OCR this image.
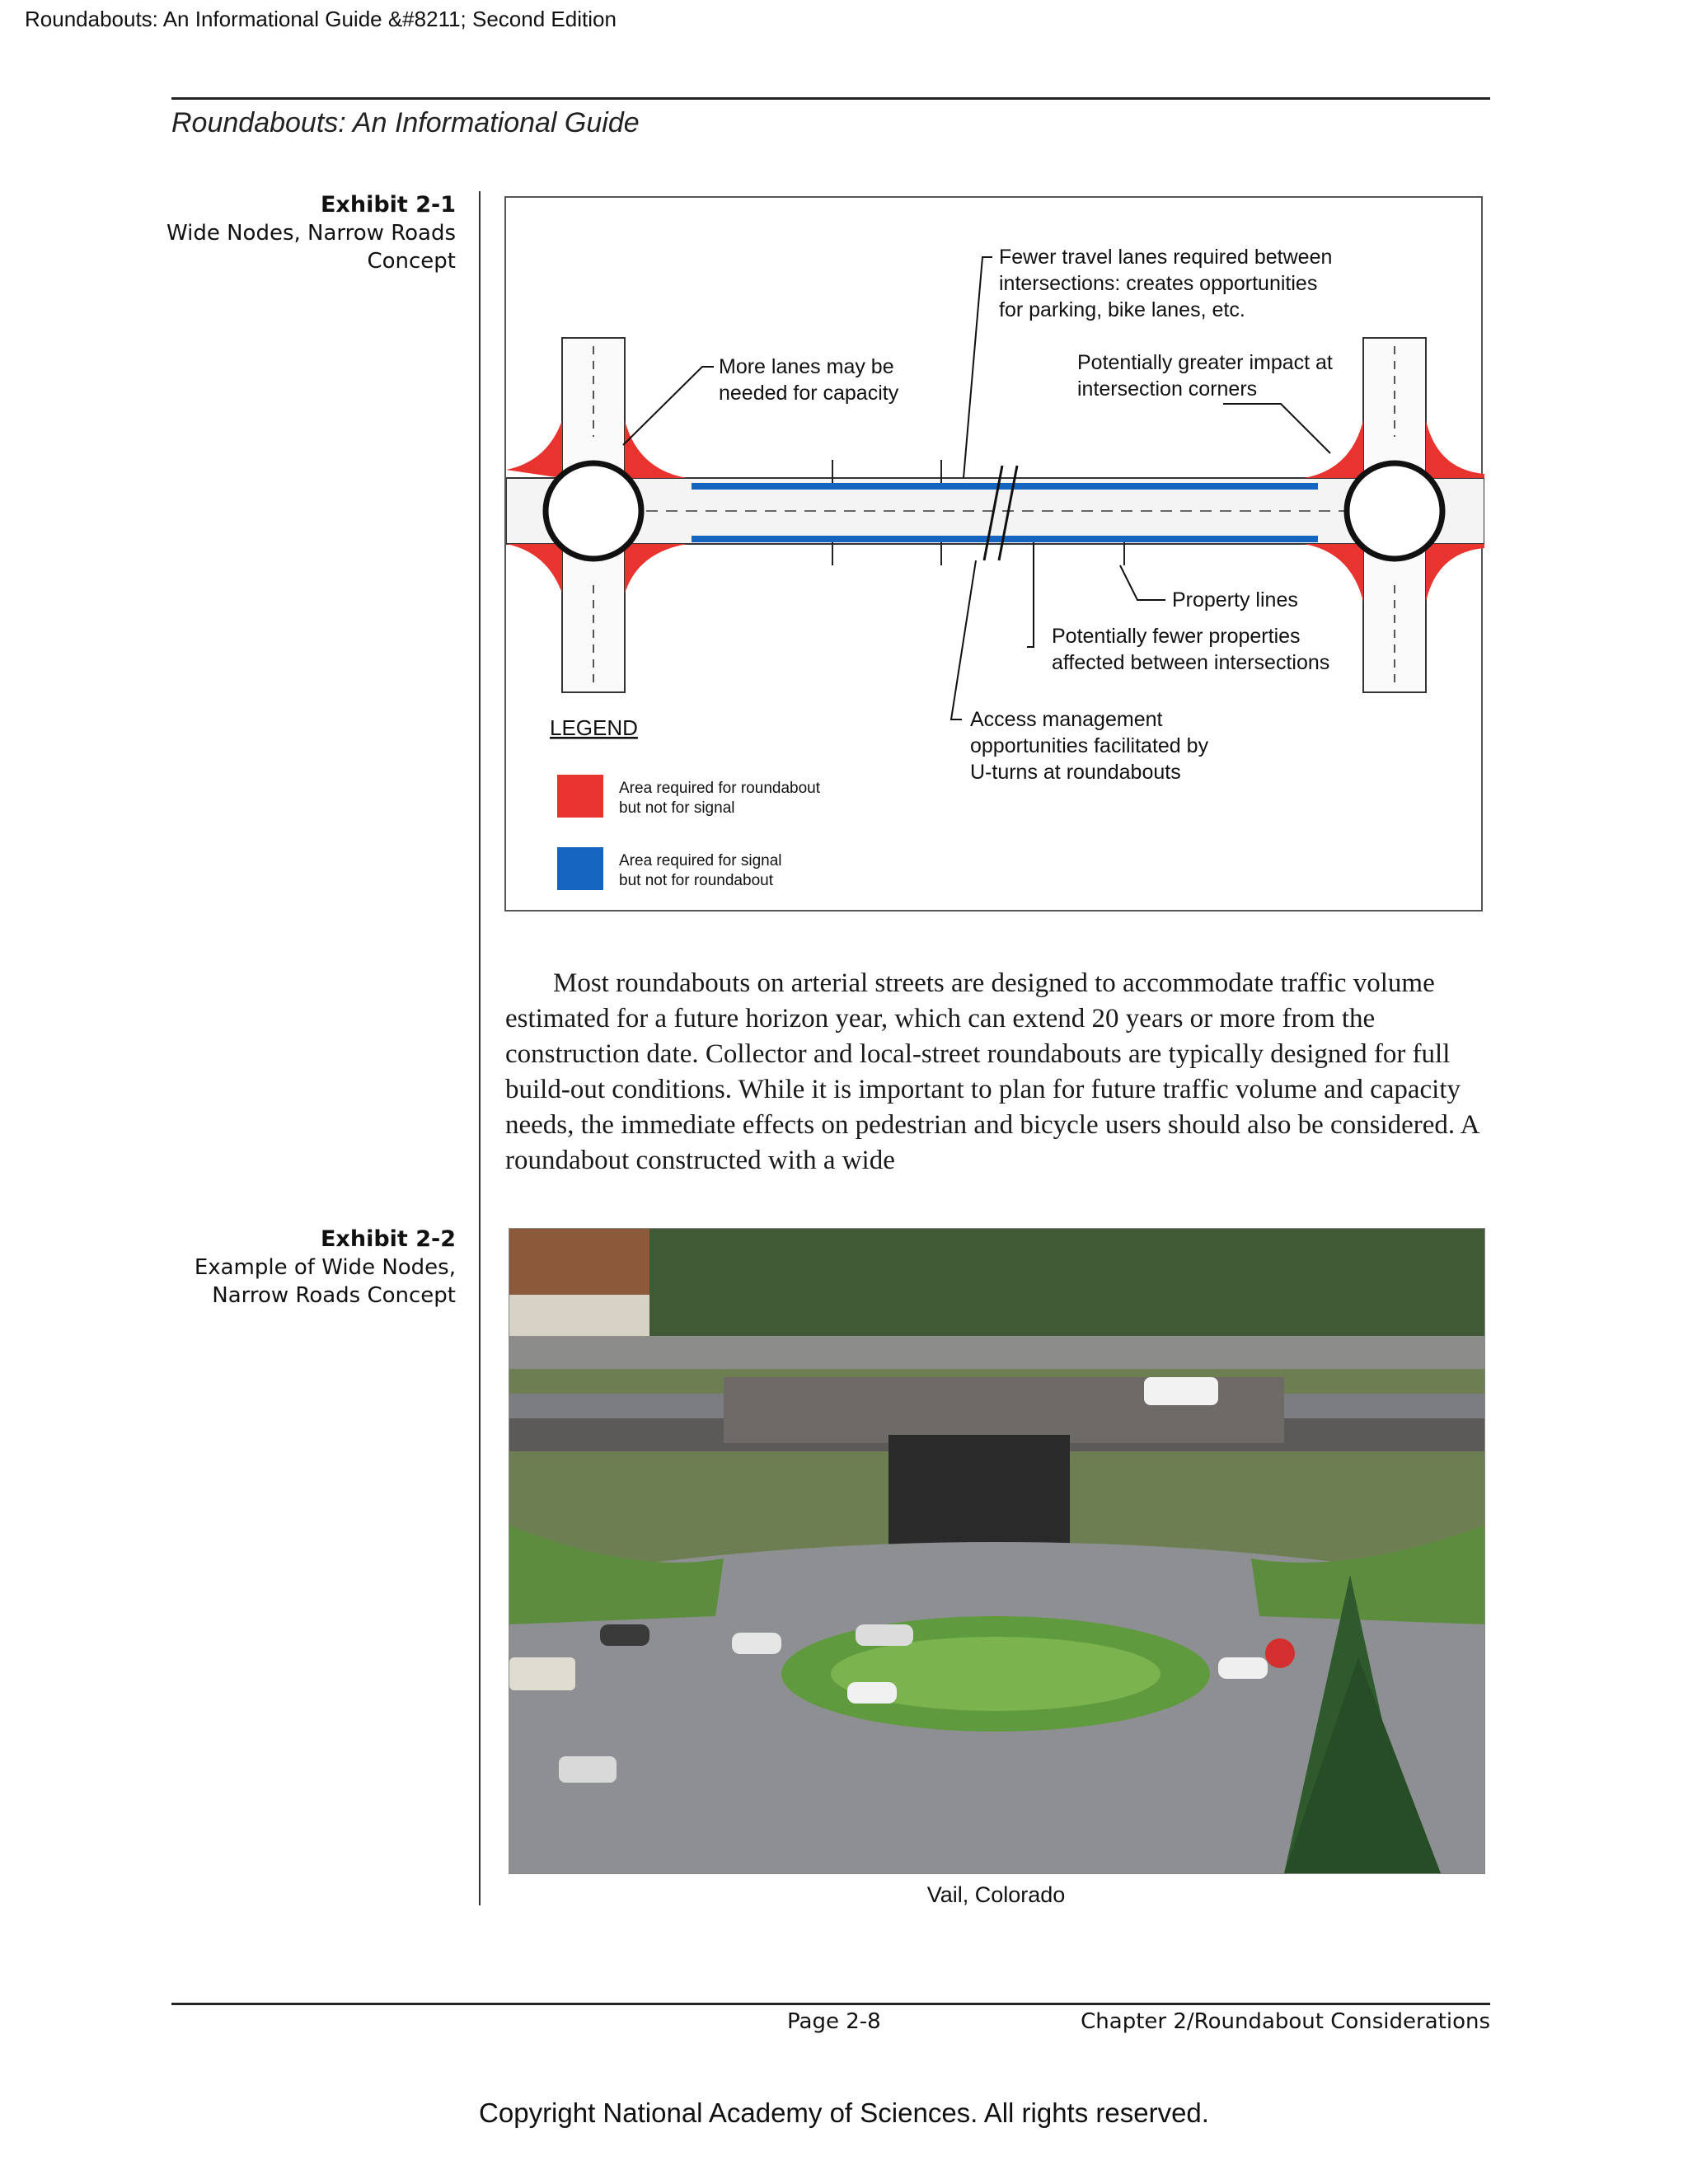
Roundabouts: An Informational Guide &#8211; Second Edition
Roundabouts: An Informational Guide
Exhibit 2-1
Wide Nodes, Narrow Roads
Concept	Fewer travel lanes required between
intersections: creates opportunities
for parking, bike lanes, etc.
More lanes may be
needed for capacity
Potentially greater impact at
intersection corners
Property lines
Potentially fewer properties
affected between intersections
Access management
opportunities facilitated by
U-turns at roundabouts
LEGEND
Area required for roundabout
but not for signal
Area required for signal
but not for roundabout
Most roundabouts on arterial streets are designed to accommodate traffic volume estimated for a future horizon year, which can extend 20 years or more from the construction date. Collector and local-street roundabouts are typically designed for full build-out conditions. While it is important to plan for future traffic volume and capacity needs, the immediate effects on pedestrian and bicycle users should also be considered. A roundabout constructed with a wide
Exhibit 2-2
Example of Wide Nodes,
Narrow Roads Concept
Vail, Colorado
Page 2-8	Chapter 2/Roundabout Considerations
Copyright National Academy of Sciences. All rights reserved.
